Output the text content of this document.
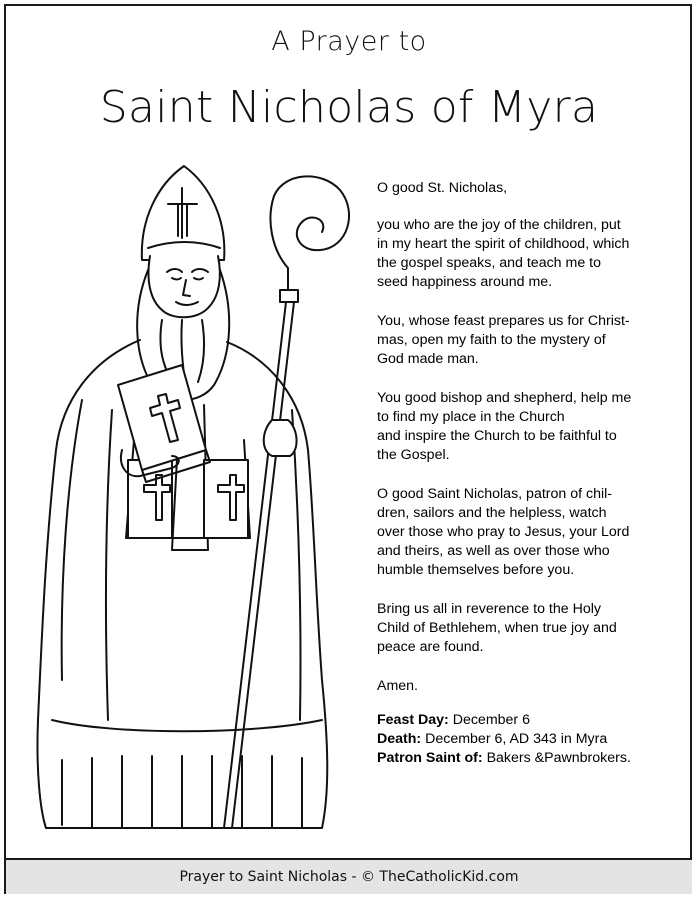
A Prayer to
Saint Nicholas of Myra

O good St. Nicholas,

you who are the joy of the children, put
in my heart the spirit of childhood, which
the gospel speaks, and teach me to
seed happiness around me.

You, whose feast prepares us for Christ-
mas, open my faith to the mystery of
God made man.

You good bishop and shepherd, help me
to find my place in the Church
and inspire the Church to be faithful to
the Gospel.

O good Saint Nicholas, patron of chil-
dren, sailors and the helpless, watch
over those who pray to Jesus, your Lord
and theirs, as well as over those who
humble themselves before you.

Bring us all in reverence to the Holy
Child of Bethlehem, when true joy and
peace are found.

Amen.

Feast Day: December 6
Death: December 6, AD 343 in Myra
Patron Saint of: Bakers &Pawnbrokers.
Prayer to Saint Nicholas - © TheCatholicKid.com
